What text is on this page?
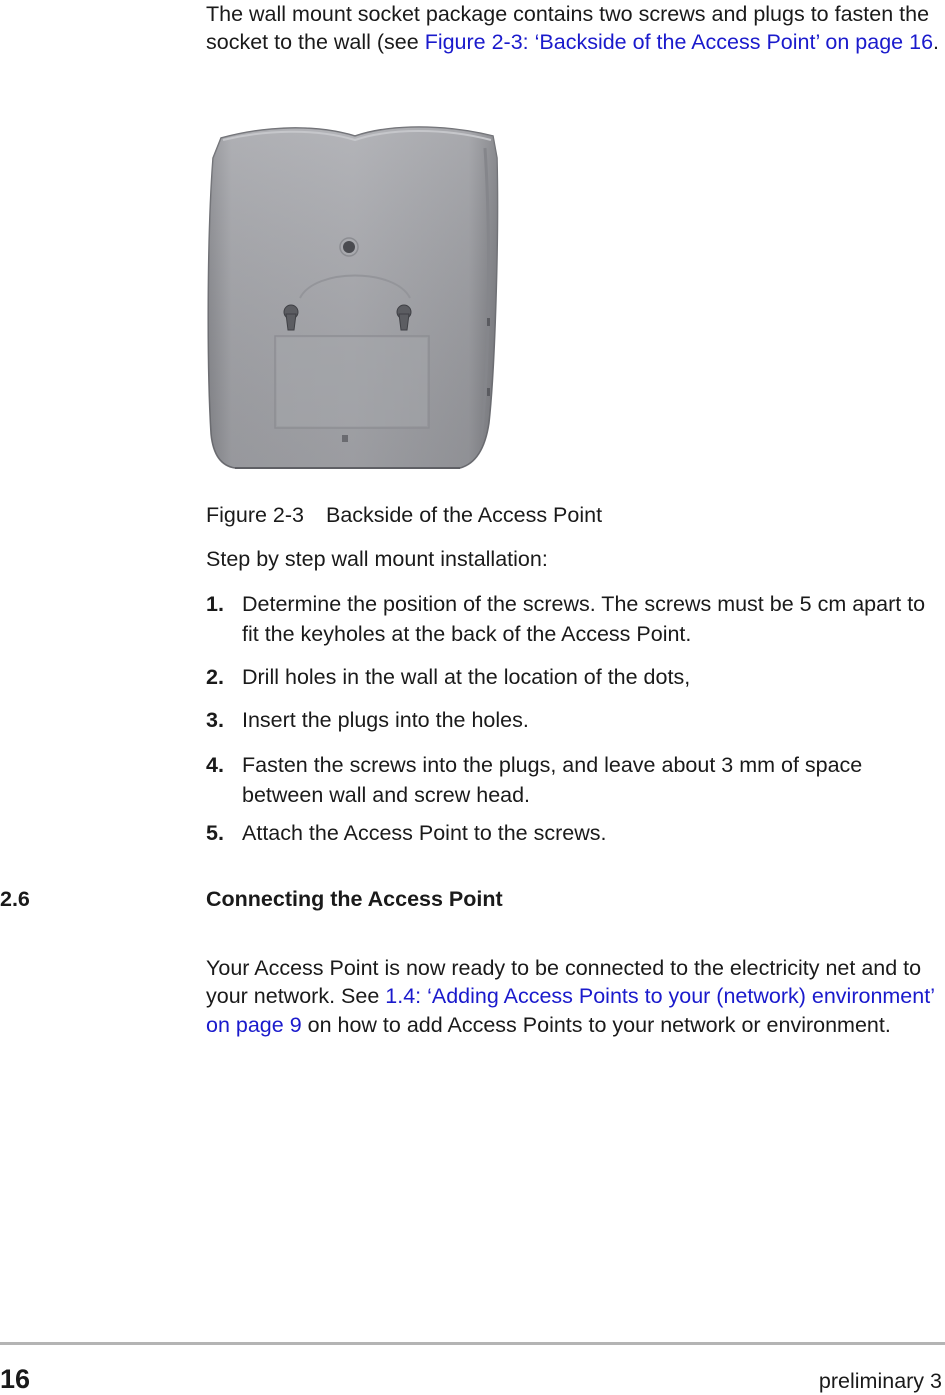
The wall mount socket package contains two screws and plugs to fasten the socket to the wall (see Figure 2-3: ‘Backside of the Access Point’ on page 16.

Figure 2-3 Backside of the Access Point
Step by step wall mount installation:
1. Determine the position of the screws. The screws must be 5 cm apart to fit the keyholes at the back of the Access Point.
2. Drill holes in the wall at the location of the dots,
3. Insert the plugs into the holes.
4. Fasten the screws into the plugs, and leave about 3 mm of space between wall and screw head.
5. Attach the Access Point to the screws.
2.6	Connecting the Access Point

Your Access Point is now ready to be connected to the electricity net and to your network. See 1.4: ‘Adding Access Points to your (network) environment’ on page 9 on how to add Access Points to your network or environment.

16	preliminary 3
